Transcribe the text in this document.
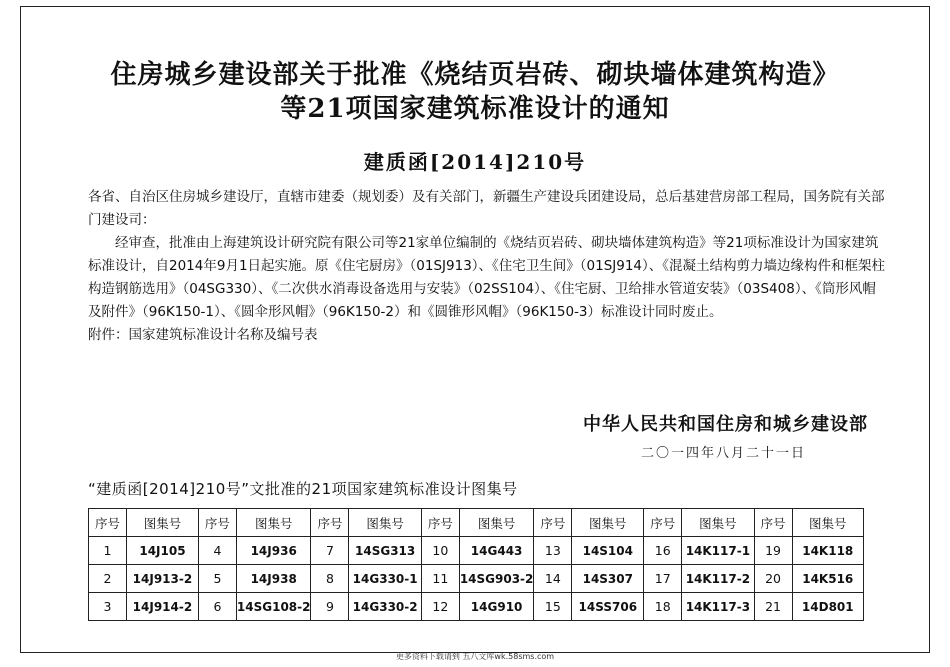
住房城乡建设部关于批准《烧结页岩砖、砌块墙体建筑构造》
等21项国家建筑标准设计的通知
建质函[2014]210号

各省、自治区住房城乡建设厅，直辖市建委（规划委）及有关部门，新疆生产建设兵团建设局，总后基建营房部工程局，国务院有关部门建设司：

经审查，批准由上海建筑设计研究院有限公司等21家单位编制的《烧结页岩砖、砌块墙体建筑构造》等21项标准设计为国家建筑标准设计，自2014年9月1日起实施。原《住宅厨房》（01SJ913）、《住宅卫生间》（01SJ914）、《混凝土结构剪力墙边缘构件和框架柱构造钢筋选用》（04SG330）、《二次供水消毒设备选用与安装》（02SS104）、《住宅厨、卫给排水管道安装》（03S408）、《筒形风帽及附件》（96K150-1）、《圆伞形风帽》（96K150-2）和《圆锥形风帽》（96K150-3）标准设计同时废止。

附件：国家建筑标准设计名称及编号表

中华人民共和国住房和城乡建设部
二〇一四年八月二十一日
“建质函[2014]210号”文批准的21项国家建筑标准设计图集号
序号	图集号	序号	图集号	序号	图集号	序号	图集号	序号	图集号	序号	图集号	序号	图集号
1	14J105	4	14J936	7	14SG313	10	14G443	13	14S104	16	14K117-1	19	14K118
2	14J913-2	5	14J938	8	14G330-1	11	14SG903-2	14	14S307	17	14K117-2	20	14K516
3	14J914-2	6	14SG108-2	9	14G330-2	12	14G910	15	14SS706	18	14K117-3	21	14D801
更多资料下载请到 五八文库wk.58sms.com
